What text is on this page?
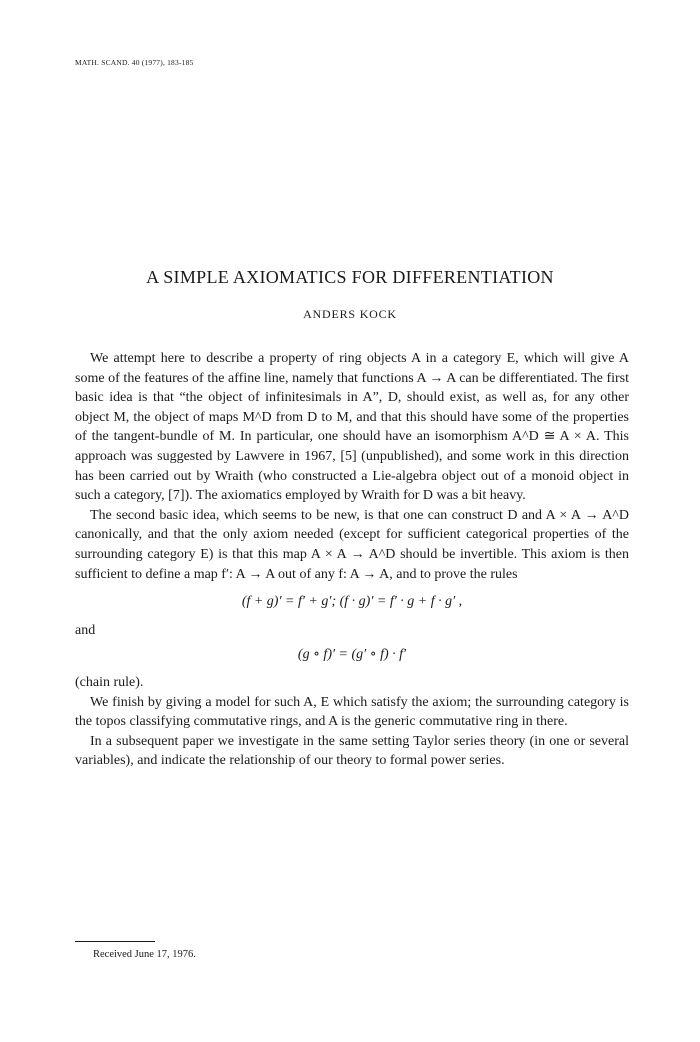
MATH. SCAND. 40 (1977), 183-185
A SIMPLE AXIOMATICS FOR DIFFERENTIATION
ANDERS KOCK

We attempt here to describe a property of ring objects A in a category E, which will give A some of the features of the affine line, namely that functions A → A can be differentiated. The first basic idea is that “the object of infinitesimals in A”, D, should exist, as well as, for any other object M, the object of maps M^D from D to M, and that this should have some of the properties of the tangent-bundle of M. In particular, one should have an isomorphism A^D ≅ A × A. This approach was suggested by Lawvere in 1967, [5] (unpublished), and some work in this direction has been carried out by Wraith (who constructed a Lie-algebra object out of a monoid object in such a category, [7]). The axiomatics employed by Wraith for D was a bit heavy.

The second basic idea, which seems to be new, is that one can construct D and A × A → A^D canonically, and that the only axiom needed (except for sufficient categorical properties of the surrounding category E) is that this map A × A → A^D should be invertible. This axiom is then sufficient to define a map f′: A → A out of any f: A → A, and to prove the rules

(f + g)′ = f′ + g′; (f · g)′ = f′ · g + f · g′ ,

and

(g ∘ f)′ = (g′ ∘ f) · f′

(chain rule).

We finish by giving a model for such A, E which satisfy the axiom; the surrounding category is the topos classifying commutative rings, and A is the generic commutative ring in there.

In a subsequent paper we investigate in the same setting Taylor series theory (in one or several variables), and indicate the relationship of our theory to formal power series.

Received June 17, 1976.
